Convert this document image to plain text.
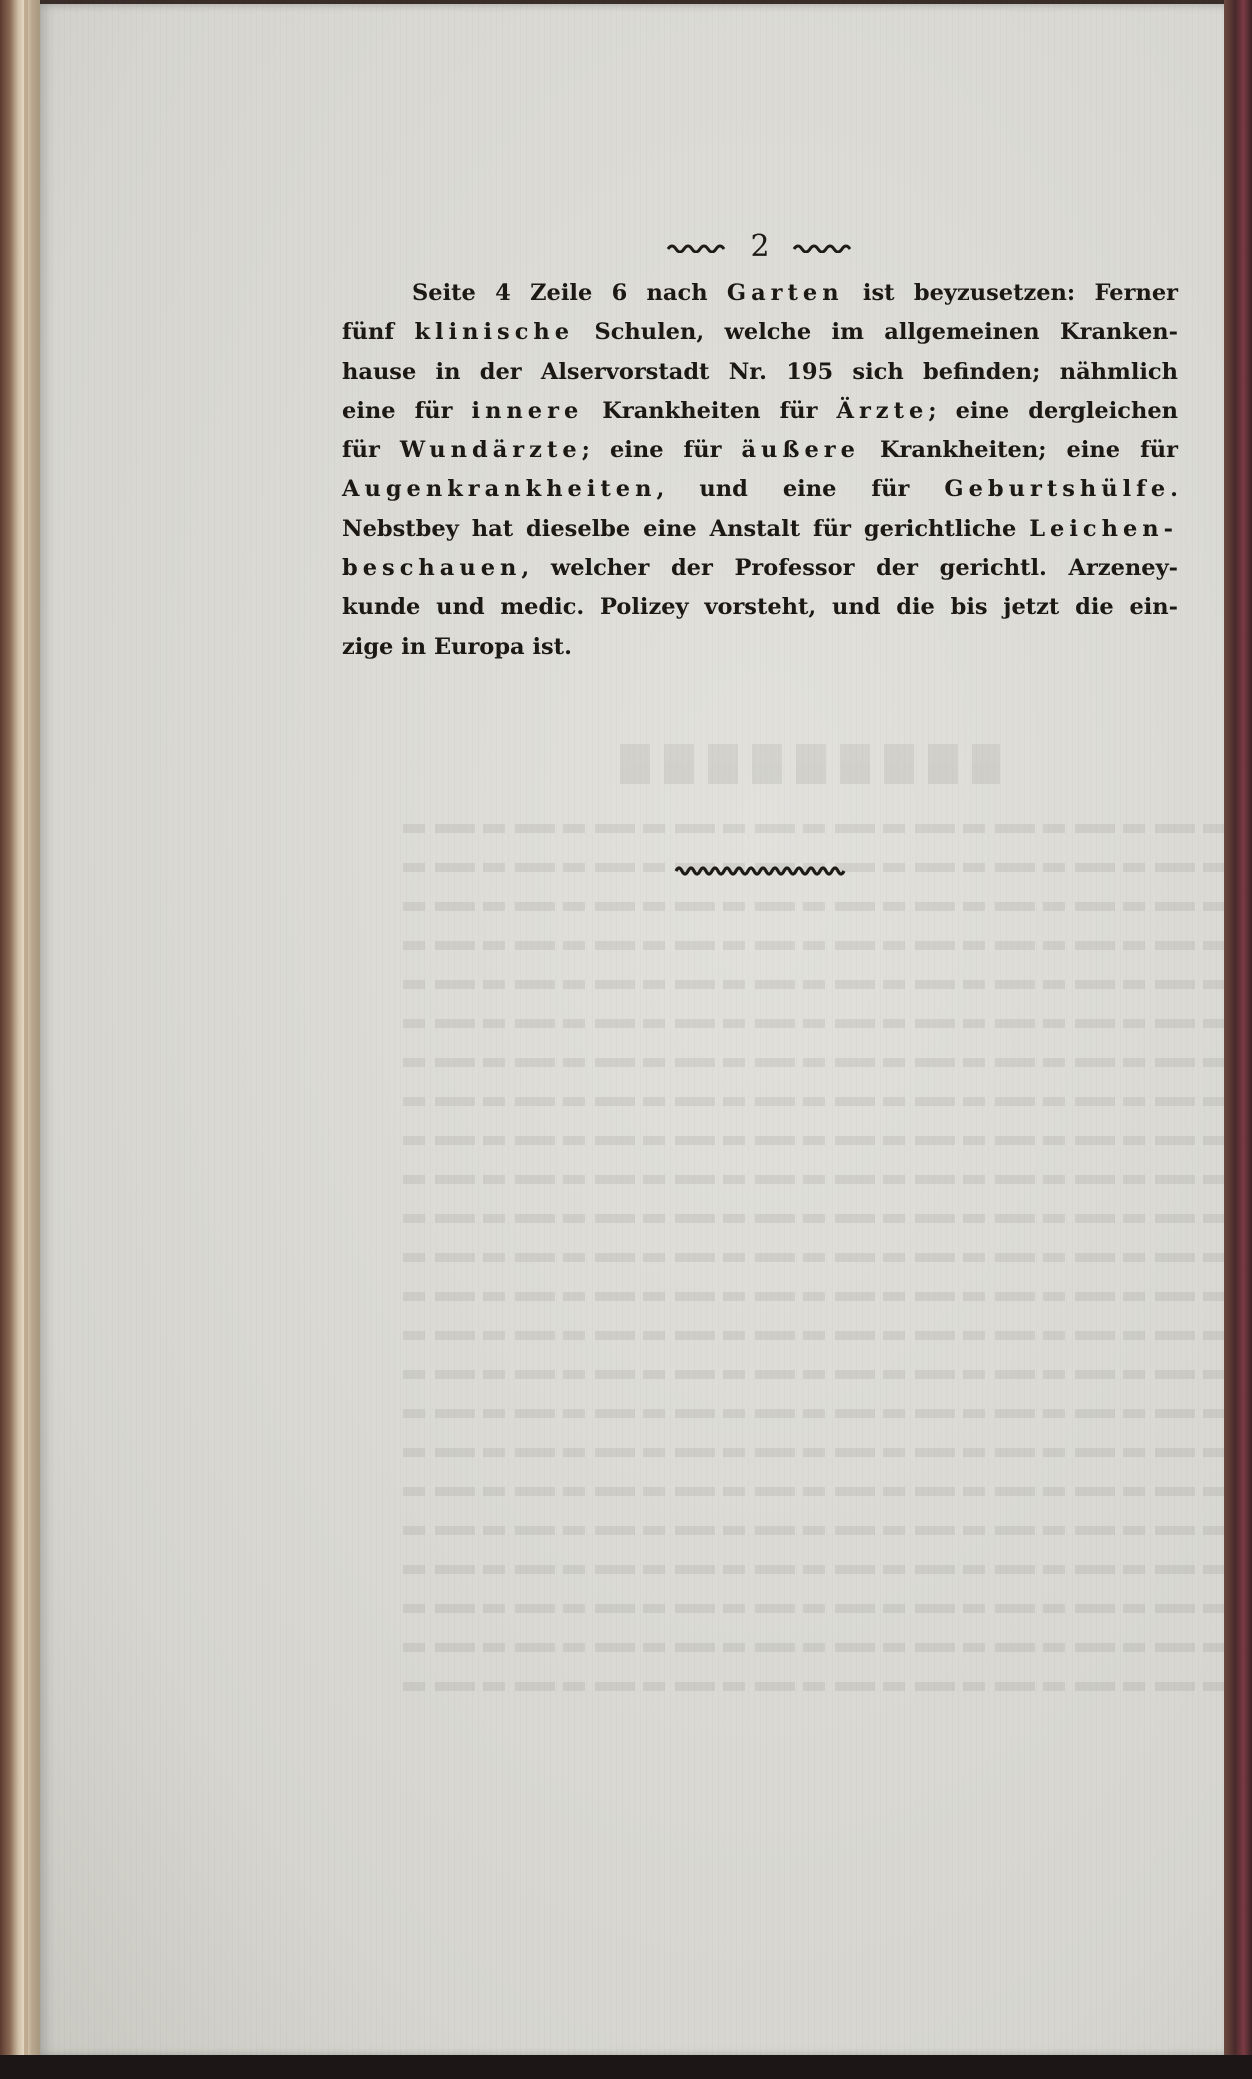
2
Seite 4 Zeile 6 nach Garten ist beyzusetzen: Ferner
fünf klinische Schulen, welche im allgemeinen Kranken-
hause in der Alservorstadt Nr. 195 sich befinden; nähmlich
eine für innere Krankheiten für Ärzte; eine dergleichen
für Wundärzte; eine für äußere Krankheiten; eine für
Augenkrankheiten, und eine für Geburtshülfe.
Nebstbey hat dieselbe eine Anstalt für gerichtliche Leichen-
beschauen, welcher der Professor der gerichtl. Arzeney-
kunde und medic. Polizey vorsteht, und die bis jetzt die ein-
zige in Europa ist.
